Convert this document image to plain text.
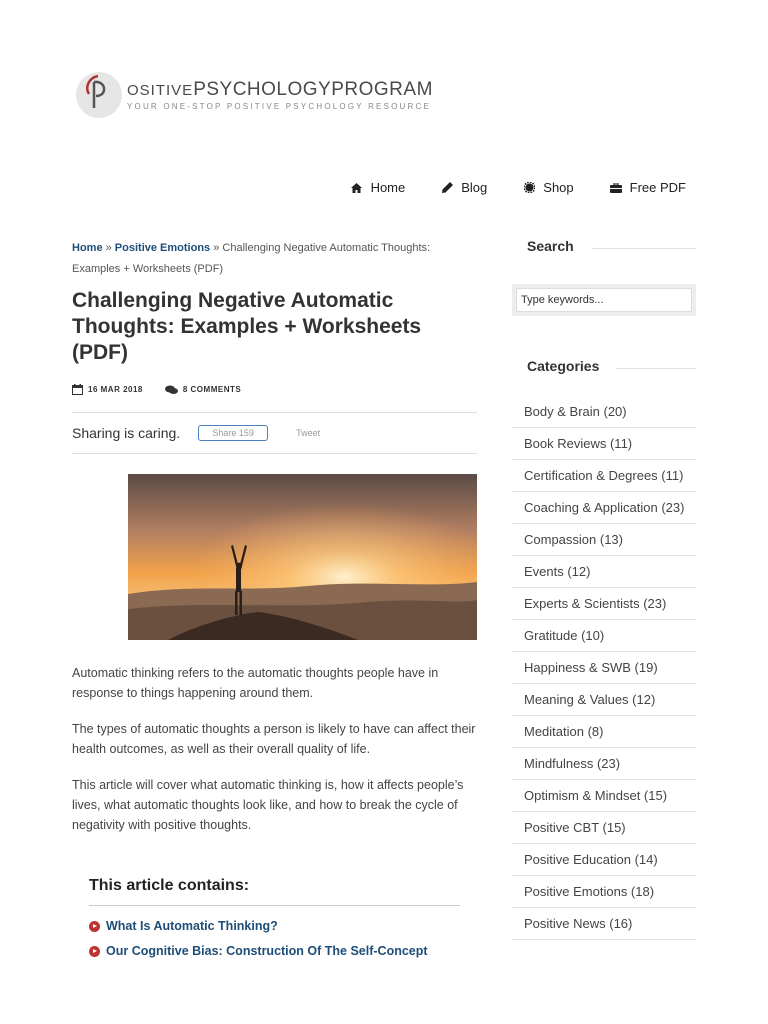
OSITIVEPSYCHOLOGYPROGRAM
YOUR ONE-STOP POSITIVE PSYCHOLOGY RESOURCE
Home	Blog	Shop	Free PDF
Home » Positive Emotions » Challenging Negative Automatic Thoughts: Examples + Worksheets (PDF)
Challenging Negative Automatic Thoughts: Examples + Worksheets (PDF)
16 MAR 2018	8 COMMENTS
Sharing is caring.	Share 159	Tweet

Automatic thinking refers to the automatic thoughts people have in response to things happening around them.

The types of automatic thoughts a person is likely to have can affect their health outcomes, as well as their overall quality of life.

This article will cover what automatic thinking is, how it affects people’s lives, what automatic thoughts look like, and how to break the cycle of negativity with positive thoughts.

This article contains:
What Is Automatic Thinking?
Our Cognitive Bias: Construction Of The Self-Concept
Search
Type keywords...
Categories
Body & Brain (20)
Book Reviews (11)
Certification & Degrees (11)
Coaching & Application (23)
Compassion (13)
Events (12)
Experts & Scientists (23)
Gratitude (10)
Happiness & SWB (19)
Meaning & Values (12)
Meditation (8)
Mindfulness (23)
Optimism & Mindset (15)
Positive CBT (15)
Positive Education (14)
Positive Emotions (18)
Positive News (16)
